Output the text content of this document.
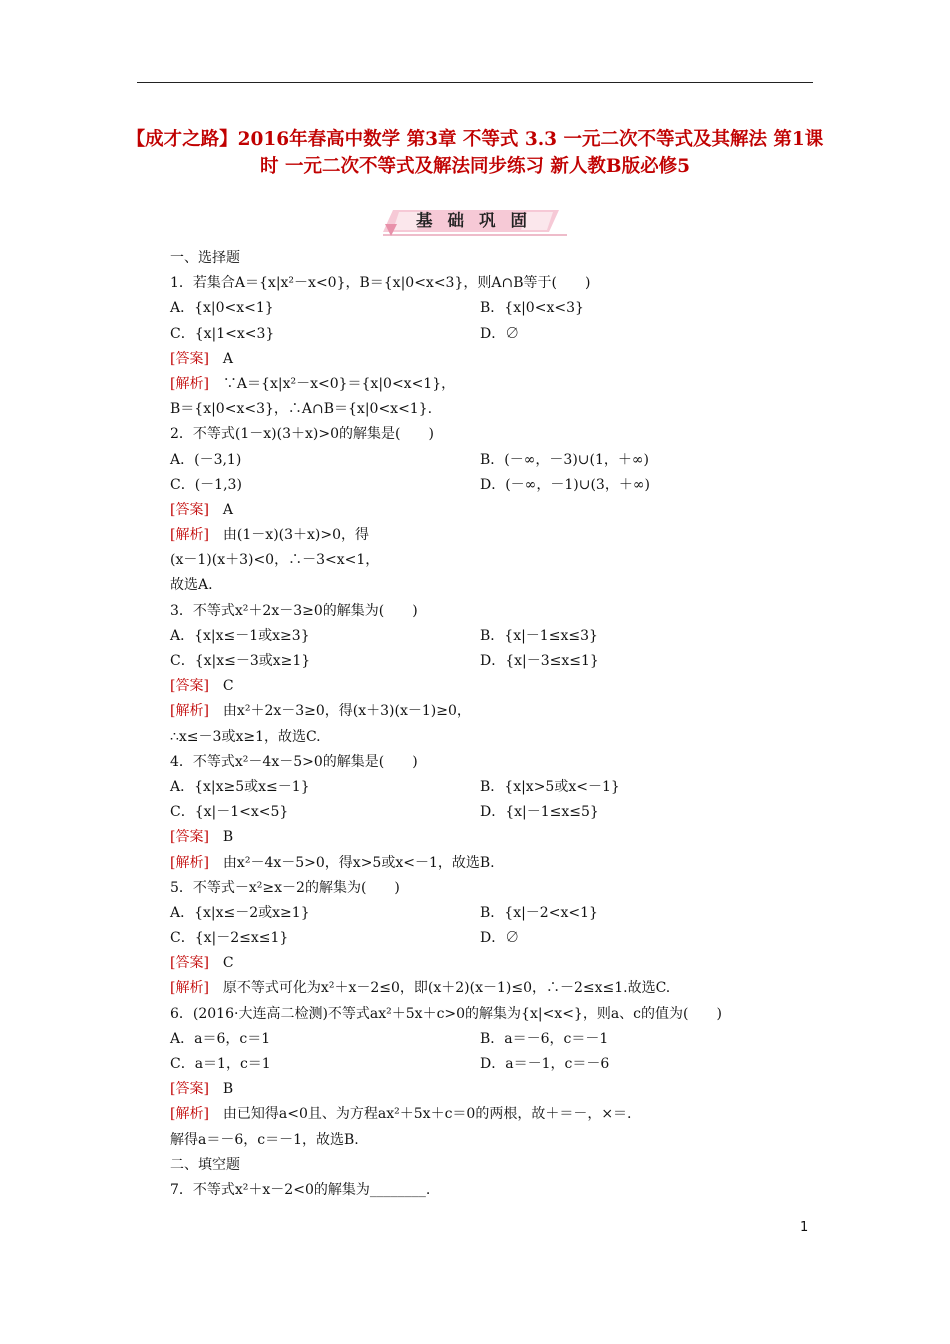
【成才之路】2016年春高中数学 第3章 不等式 3.3 一元二次不等式及其解法 第1课时 一元二次不等式及解法同步练习 新人教B版必修5
基础巩固
一、选择题
1．若集合A＝{x|x²－x<0}，B＝{x|0<x<3}，则A∩B等于(　　)
A．{x|0<x<1}	B．{x|0<x<3}
C．{x|1<x<3}	D．∅
[答案]　A
[解析]　∵A＝{x|x²－x<0}＝{x|0<x<1}，
B＝{x|0<x<3}，∴A∩B＝{x|0<x<1}.
2．不等式(1－x)(3＋x)>0的解集是(　　)
A．(－3,1)	B．(－∞，－3)∪(1，＋∞)
C．(－1,3)	D．(－∞，－1)∪(3，＋∞)
[答案]　A
[解析]　由(1－x)(3＋x)>0，得
(x－1)(x＋3)<0，∴－3<x<1，
故选A.
3．不等式x²＋2x－3≥0的解集为(　　)
A．{x|x≤－1或x≥3}	B．{x|－1≤x≤3}
C．{x|x≤－3或x≥1}	D．{x|－3≤x≤1}
[答案]　C
[解析]　由x²＋2x－3≥0，得(x＋3)(x－1)≥0，
∴x≤－3或x≥1，故选C.
4．不等式x²－4x－5>0的解集是(　　)
A．{x|x≥5或x≤－1}	B．{x|x>5或x<－1}
C．{x|－1<x<5}	D．{x|－1≤x≤5}
[答案]　B
[解析]　由x²－4x－5>0，得x>5或x<－1，故选B.
5．不等式－x²≥x－2的解集为(　　)
A．{x|x≤－2或x≥1}	B．{x|－2<x<1}
C．{x|－2≤x≤1}	D．∅
[答案]　C
[解析]　原不等式可化为x²＋x－2≤0，即(x＋2)(x－1)≤0，∴－2≤x≤1.故选C.
6．(2016·大连高二检测)不等式ax²＋5x＋c>0的解集为{x|<x<}，则a、c的值为(　　)
A．a＝6，c＝1	B．a＝－6，c＝－1
C．a＝1，c＝1	D．a＝－1，c＝－6
[答案]　B
[解析]　由已知得a<0且、为方程ax²＋5x＋c＝0的两根，故＋＝－，×＝.
解得a＝－6，c＝－1，故选B.
二、填空题
7．不等式x²＋x－2<0的解集为________.
1
